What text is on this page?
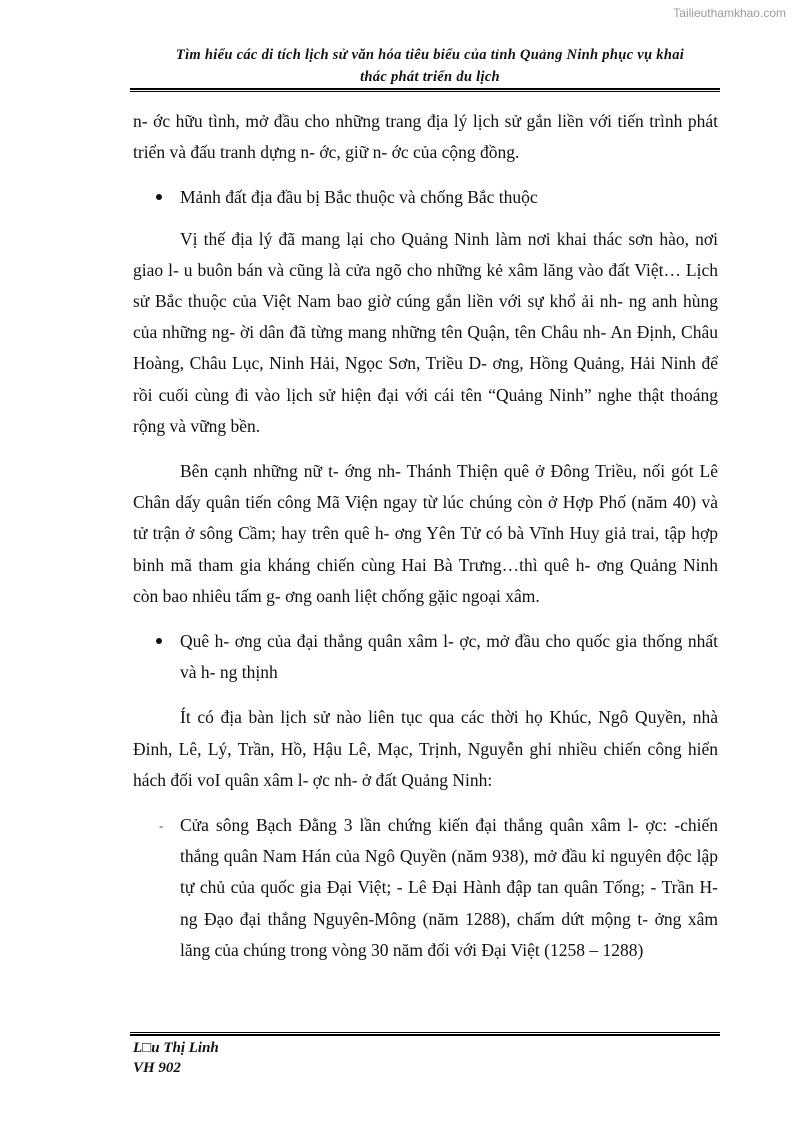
Tailieuthamkhao.com
Tìm hiểu các di tích lịch sử văn hóa tiêu biểu của tỉnh Quảng Ninh phục vụ khai
thác phát triển du lịch

n- ớc hữu tình, mở đầu cho những trang địa lý lịch sử gắn liền với tiến trình phát triển và đấu tranh dựng n- ớc, giữ n- ớc của cộng đồng.

Mảnh đất địa đầu bị Bắc thuộc và chống Bắc thuộc

Vị thế địa lý đã mang lại cho Quảng Ninh làm nơi khai thác sơn hào, nơi giao l- u buôn bán và cũng là cửa ngõ cho những kẻ xâm lăng vào đất Việt… Lịch sử Bắc thuộc của Việt Nam bao giờ cúng gắn liền với sự khổ ải nh- ng anh hùng của những ng- ời dân đã từng mang những tên Quận, tên Châu nh- An Định, Châu Hoàng, Châu Lục, Ninh Hải, Ngọc Sơn, Triều D- ơng, Hồng Quảng, Hải Ninh để rồi cuối cùng đi vào lịch sử hiện đại với cái tên “Quảng Ninh” nghe thật thoáng rộng và vững bền.

Bên cạnh những nữ t- ớng nh- Thánh Thiện quê ở Đông Triều, nối gót Lê Chân dấy quân tiến công Mã Viện ngay từ lúc chúng còn ở Hợp Phố (năm 40) và tử trận ở sông Cầm; hay trên quê h- ơng Yên Tử có bà Vĩnh Huy giả trai, tập hợp binh mã tham gia kháng chiến cùng Hai Bà Trưng…thì quê h- ơng Quảng Ninh còn bao nhiêu tấm g- ơng oanh liệt chống gặic ngoại xâm.

Quê h- ơng của đại thắng quân xâm l- ợc, mở đầu cho quốc gia thống nhất và h- ng thịnh

Ít có địa bàn lịch sử nào liên tục qua các thời họ Khúc, Ngô Quyền, nhà Đinh, Lê, Lý, Trần, Hồ, Hậu Lê, Mạc, Trịnh, Nguyễn ghi nhiều chiến công hiển hách đối voI quân xâm l- ợc nh- ở đất Quảng Ninh:

- Cửa sông Bạch Đằng 3 lần chứng kiến đại thắng quân xâm l- ợc: -chiến thắng quân Nam Hán của Ngô Quyền (năm 938), mở đầu kỉ nguyên độc lập tự chủ của quốc gia Đại Việt; - Lê Đại Hành đập tan quân Tống; - Trần H- ng Đạo đại thắng Nguyên-Mông (năm 1288), chấm dứt mộng t- ởng xâm lăng của chúng trong vòng 30 năm đối với Đại Việt (1258 – 1288)

L□u Thị Linh
VH 902
